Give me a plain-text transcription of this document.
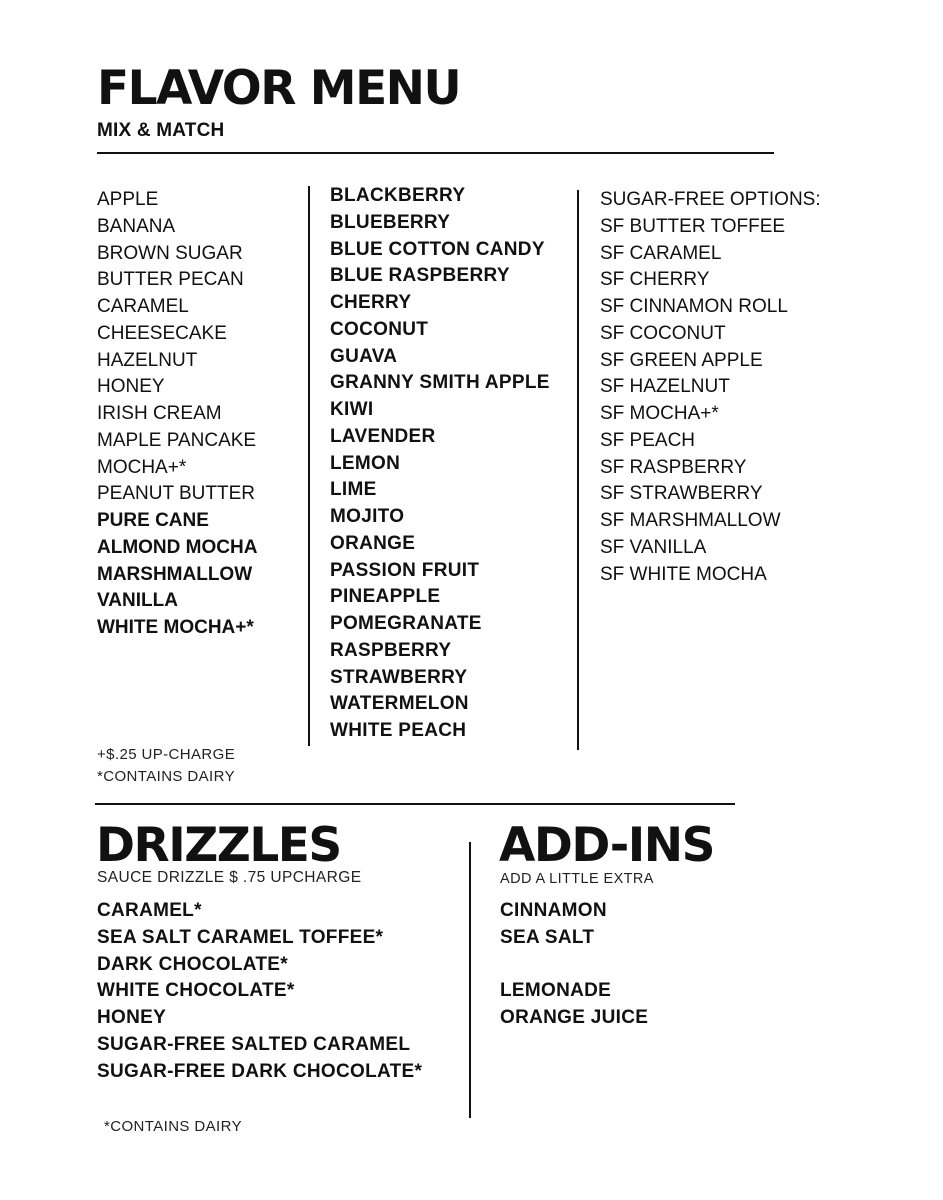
FLAVOR MENU
MIX & MATCH
APPLE
BANANA
BROWN SUGAR
BUTTER PECAN
CARAMEL
CHEESECAKE
HAZELNUT
HONEY
IRISH CREAM
MAPLE PANCAKE
MOCHA+*
PEANUT BUTTER
PURE CANE
ALMOND MOCHA
MARSHMALLOW
VANILLA
WHITE MOCHA+*
BLACKBERRY
BLUEBERRY
BLUE COTTON CANDY
BLUE RASPBERRY
CHERRY
COCONUT
GUAVA
GRANNY SMITH APPLE
KIWI
LAVENDER
LEMON
LIME
MOJITO
ORANGE
PASSION FRUIT
PINEAPPLE
POMEGRANATE
RASPBERRY
STRAWBERRY
WATERMELON
WHITE PEACH
SUGAR-FREE OPTIONS:
SF BUTTER TOFFEE
SF CARAMEL
SF CHERRY
SF CINNAMON ROLL
SF COCONUT
SF GREEN APPLE
SF HAZELNUT
SF MOCHA+*
SF PEACH
SF RASPBERRY
SF STRAWBERRY
SF MARSHMALLOW
SF VANILLA
SF WHITE MOCHA
+$.25 UP-CHARGE
*CONTAINS DAIRY
DRIZZLES
SAUCE DRIZZLE $ .75 UPCHARGE
CARAMEL*
SEA SALT CARAMEL TOFFEE*
DARK CHOCOLATE*
WHITE CHOCOLATE*
HONEY
SUGAR-FREE SALTED CARAMEL
SUGAR-FREE DARK CHOCOLATE*
*CONTAINS DAIRY
ADD-INS
ADD A LITTLE EXTRA
CINNAMON
SEA SALT
LEMONADE
ORANGE JUICE
